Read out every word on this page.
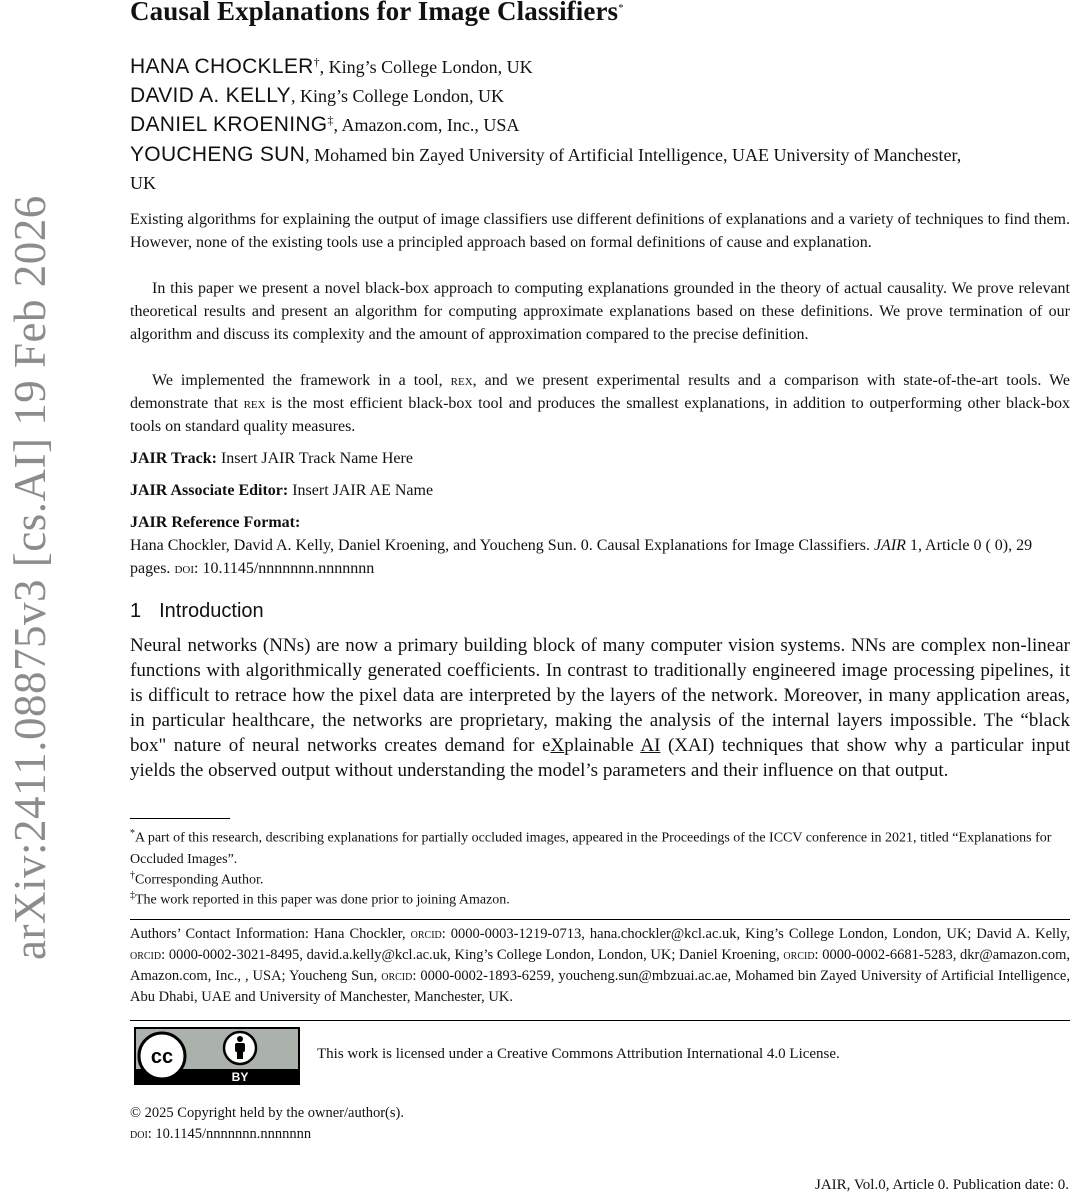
arXiv:2411.08875v3 [cs.AI] 19 Feb 2026
Causal Explanations for Image Classifiers*
HANA CHOCKLER†, King’s College London, UK
DAVID A. KELLY, King’s College London, UK
DANIEL KROENING‡, Amazon.com, Inc., USA
YOUCHENG SUN, Mohamed bin Zayed University of Artificial Intelligence, UAE University of Manchester,
UK
Existing algorithms for explaining the output of image classifiers use different definitions of explanations and a variety of techniques to find them. However, none of the existing tools use a principled approach based on formal definitions of cause and explanation.
In this paper we present a novel black-box approach to computing explanations grounded in the theory of actual causality. We prove relevant theoretical results and present an algorithm for computing approximate explanations based on these definitions. We prove termination of our algorithm and discuss its complexity and the amount of approximation compared to the precise definition.
We implemented the framework in a tool, rex, and we present experimental results and a comparison with state-of-the-art tools. We demonstrate that rex is the most efficient black-box tool and produces the smallest explanations, in addition to outperforming other black-box tools on standard quality measures.
JAIR Track: Insert JAIR Track Name Here
JAIR Associate Editor: Insert JAIR AE Name
JAIR Reference Format:
Hana Chockler, David A. Kelly, Daniel Kroening, and Youcheng Sun. 0. Causal Explanations for Image Classifiers. JAIR 1, Article 0 ( 0), 29 pages. doi: 10.1145/nnnnnnn.nnnnnnn
1 Introduction
Neural networks (NNs) are now a primary building block of many computer vision systems. NNs are complex non-linear functions with algorithmically generated coefficients. In contrast to traditionally engineered image processing pipelines, it is difficult to retrace how the pixel data are interpreted by the layers of the network. Moreover, in many application areas, in particular healthcare, the networks are proprietary, making the analysis of the internal layers impossible. The “black box" nature of neural networks creates demand for eXplainable AI (XAI) techniques that show why a particular input yields the observed output without understanding the model’s parameters and their influence on that output.
*A part of this research, describing explanations for partially occluded images, appeared in the Proceedings of the ICCV conference in 2021, titled “Explanations for Occluded Images”.
†Corresponding Author.
‡The work reported in this paper was done prior to joining Amazon.
Authors’ Contact Information: Hana Chockler, orcid: 0000-0003-1219-0713, hana.chockler@kcl.ac.uk, King’s College London, London, UK; David A. Kelly, orcid: 0000-0002-3021-8495, david.a.kelly@kcl.ac.uk, King’s College London, London, UK; Daniel Kroening, orcid: 0000-0002-6681-5283, dkr@amazon.com, Amazon.com, Inc., , USA; Youcheng Sun, orcid: 0000-0002-1893-6259, youcheng.sun@mbzuai.ac.ae, Mohamed bin Zayed University of Artificial Intelligence, Abu Dhabi, UAE and University of Manchester, Manchester, UK.
cc
BY
This work is licensed under a Creative Commons Attribution International 4.0 License.
© 2025 Copyright held by the owner/author(s).
doi: 10.1145/nnnnnnn.nnnnnnn
JAIR, Vol.0, Article 0. Publication date: 0.
